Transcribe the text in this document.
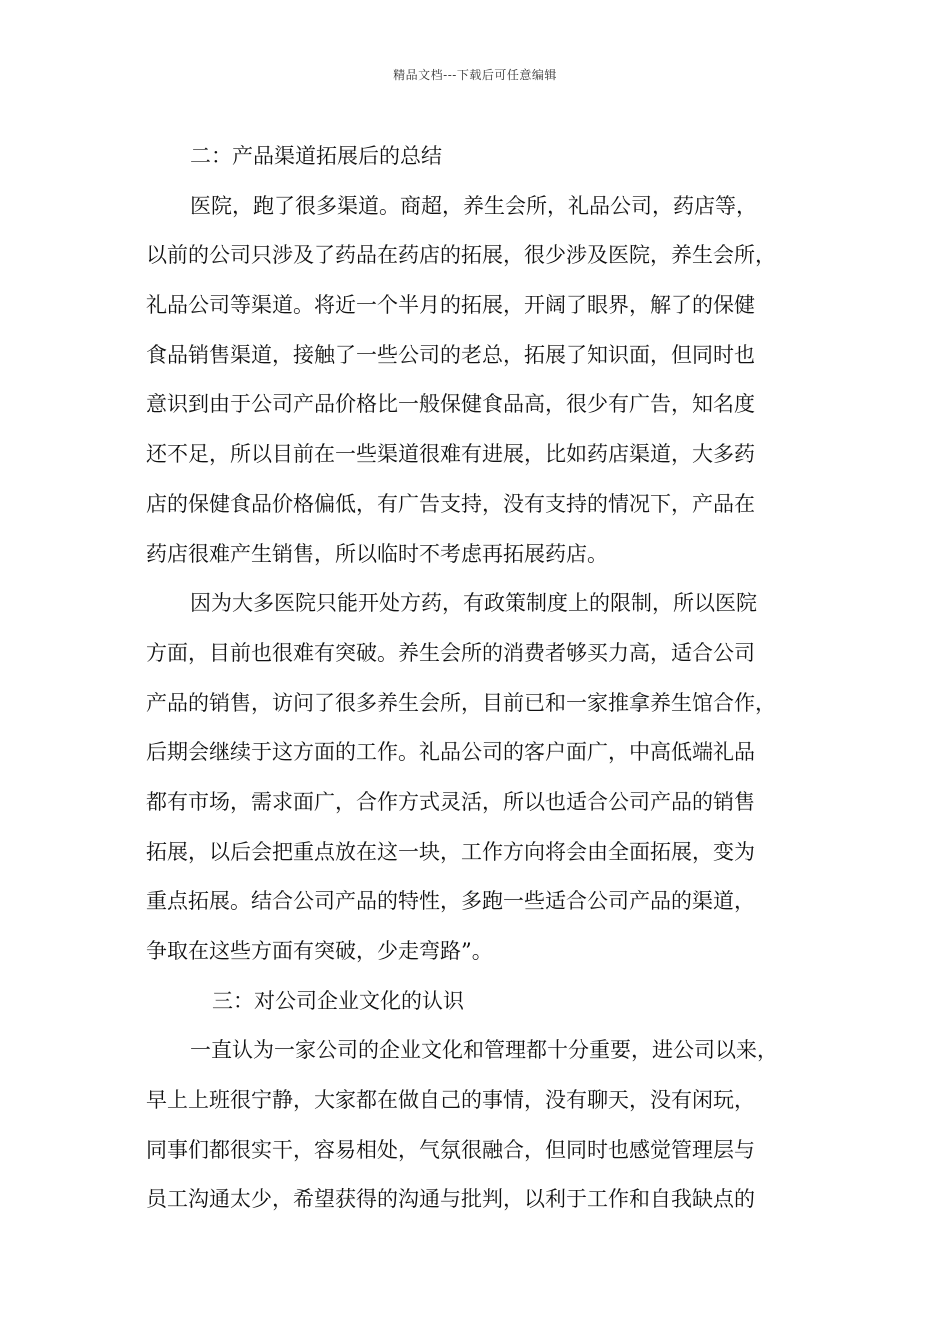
精品文档---下载后可任意编辑
二：产品渠道拓展后的总结
医院，跑了很多渠道。商超，养生会所，礼品公司，药店等，
以前的公司只涉及了药品在药店的拓展，很少涉及医院，养生会所，
礼品公司等渠道。将近一个半月的拓展，开阔了眼界，解了的保健
食品销售渠道，接触了一些公司的老总，拓展了知识面，但同时也
意识到由于公司产品价格比一般保健食品高，很少有广告，知名度
还不足，所以目前在一些渠道很难有进展，比如药店渠道，大多药
店的保健食品价格偏低，有广告支持，没有支持的情况下，产品在
药店很难产生销售，所以临时不考虑再拓展药店。
因为大多医院只能开处方药，有政策制度上的限制，所以医院
方面，目前也很难有突破。养生会所的消费者够买力高，适合公司
产品的销售，访问了很多养生会所，目前已和一家推拿养生馆合作，
后期会继续于这方面的工作。礼品公司的客户面广，中高低端礼品
都有市场，需求面广，合作方式灵活，所以也适合公司产品的销售
拓展，以后会把重点放在这一块，工作方向将会由全面拓展，变为
重点拓展。结合公司产品的特性，多跑一些适合公司产品的渠道，
争取在这些方面有突破，少走弯路”。
三：对公司企业文化的认识
一直认为一家公司的企业文化和管理都十分重要，进公司以来，
早上上班很宁静，大家都在做自己的事情，没有聊天，没有闲玩，
同事们都很实干，容易相处，气氛很融合，但同时也感觉管理层与
员工沟通太少，希望获得的沟通与批判，以利于工作和自我缺点的
